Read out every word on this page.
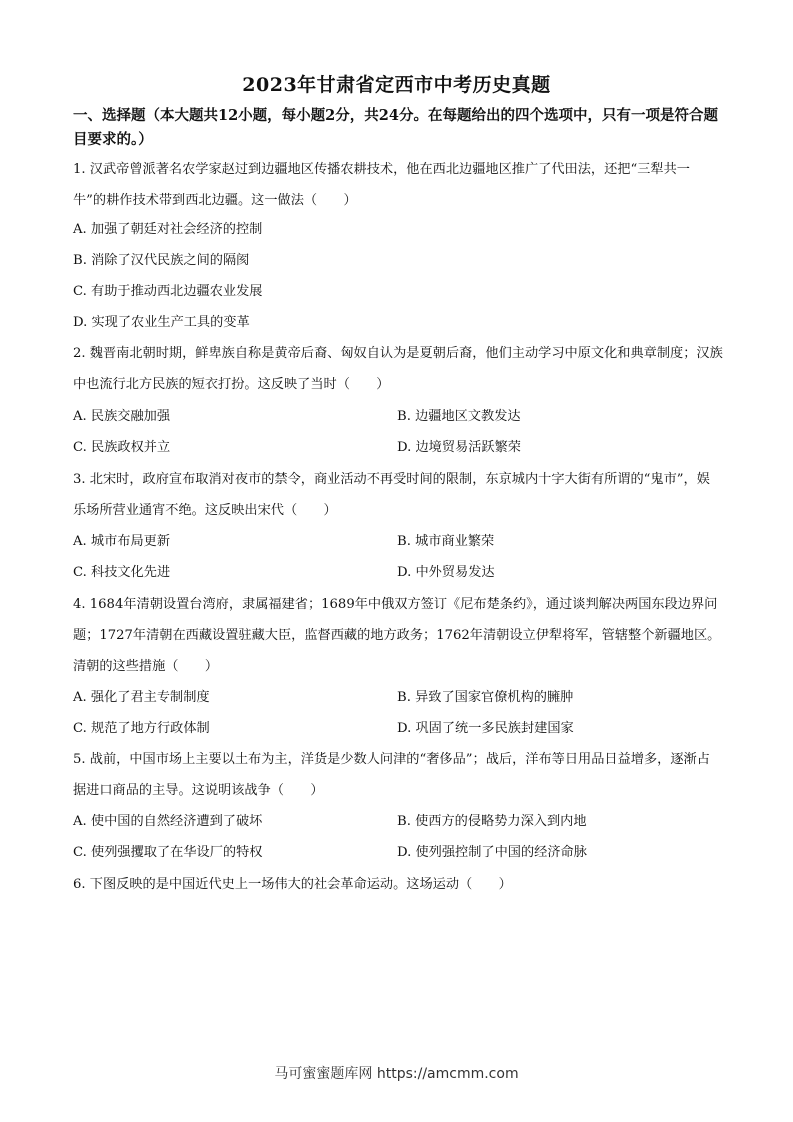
2023年甘肃省定西市中考历史真题
一、选择题（本大题共12小题，每小题2分，共24分。在每题给出的四个选项中，只有一项是符合题目要求的。）
1. 汉武帝曾派著名农学家赵过到边疆地区传播农耕技术，他在西北边疆地区推广了代田法，还把“三犁共一牛”的耕作技术带到西北边疆。这一做法（　　）
A. 加强了朝廷对社会经济的控制
B. 消除了汉代民族之间的隔阂
C. 有助于推动西北边疆农业发展
D. 实现了农业生产工具的变革
2. 魏晋南北朝时期，鲜卑族自称是黄帝后裔、匈奴自认为是夏朝后裔，他们主动学习中原文化和典章制度；汉族中也流行北方民族的短衣打扮。这反映了当时（　　）
A. 民族交融加强	B. 边疆地区文教发达
C. 民族政权并立	D. 边境贸易活跃繁荣
3. 北宋时，政府宣布取消对夜市的禁令，商业活动不再受时间的限制，东京城内十字大街有所谓的“鬼市”，娱乐场所营业通宵不绝。这反映出宋代（　　）
A. 城市布局更新	B. 城市商业繁荣
C. 科技文化先进	D. 中外贸易发达
4. 1684年清朝设置台湾府，隶属福建省；1689年中俄双方签订《尼布楚条约》，通过谈判解决两国东段边界问题；1727年清朝在西藏设置驻藏大臣，监督西藏的地方政务；1762年清朝设立伊犁将军，管辖整个新疆地区。清朝的这些措施（　　）
A. 强化了君主专制制度	B. 异致了国家官僚机构的臃肿
C. 规范了地方行政体制	D. 巩固了统一多民族封建国家
5. 战前，中国市场上主要以土布为主，洋货是少数人问津的“奢侈品”；战后，洋布等日用品日益增多，逐渐占据进口商品的主导。这说明该战争（　　）
A. 使中国的自然经济遭到了破坏	B. 使西方的侵略势力深入到内地
C. 使列强攫取了在华设厂的特权	D. 使列强控制了中国的经济命脉
6. 下图反映的是中国近代史上一场伟大的社会革命运动。这场运动（　　）
马可蜜蜜题库网 https://amcmm.com
